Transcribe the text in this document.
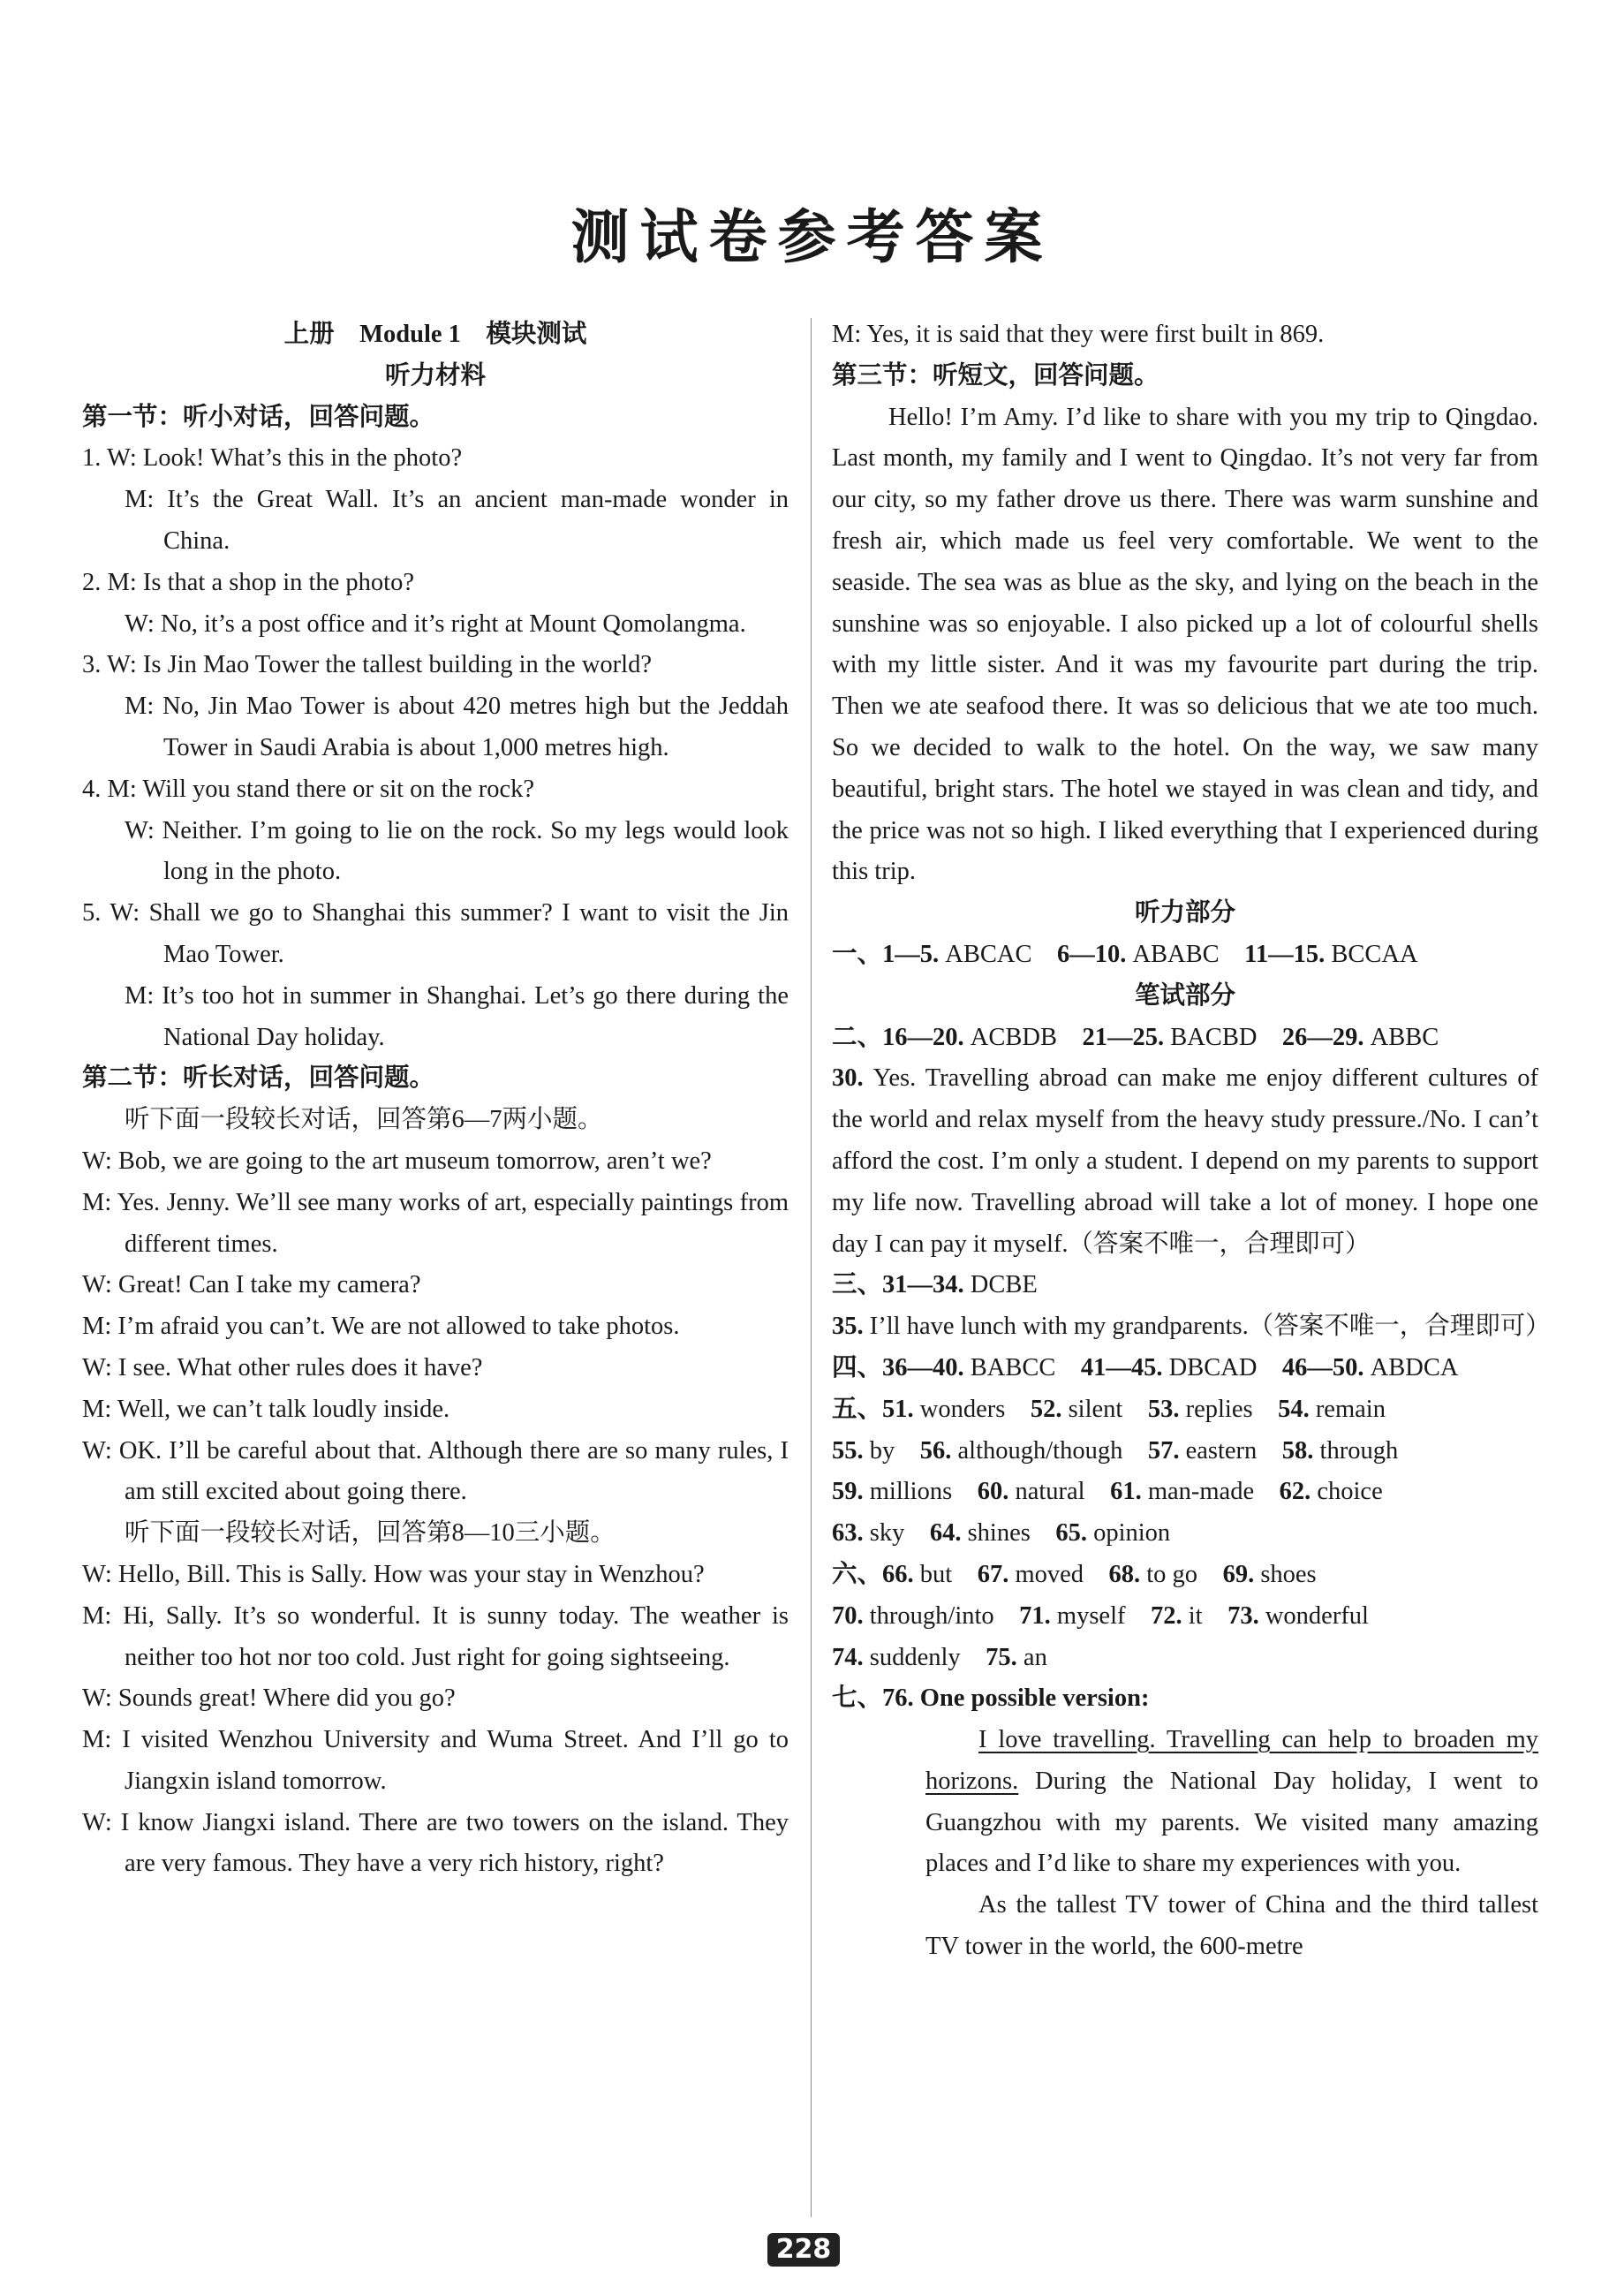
测试卷参考答案

上册　Module 1　模块测试

听力材料

第一节：听小对话，回答问题。

1. W: Look! What’s this in the photo?

M: It’s the Great Wall. It’s an ancient man-made wonder in China.

2. M: Is that a shop in the photo?

W: No, it’s a post office and it’s right at Mount Qomolangma.

3. W: Is Jin Mao Tower the tallest building in the world?

M: No, Jin Mao Tower is about 420 metres high but the Jeddah Tower in Saudi Arabia is about 1,000 metres high.

4. M: Will you stand there or sit on the rock?

W: Neither. I’m going to lie on the rock. So my legs would look long in the photo.

5. W: Shall we go to Shanghai this summer? I want to visit the Jin Mao Tower.

M: It’s too hot in summer in Shanghai. Let’s go there during the National Day holiday.

第二节：听长对话，回答问题。

听下面一段较长对话，回答第6—7两小题。

W: Bob, we are going to the art museum tomorrow, aren’t we?

M: Yes. Jenny. We’ll see many works of art, especially paintings from different times.

W: Great! Can I take my camera?

M: I’m afraid you can’t. We are not allowed to take photos.

W: I see. What other rules does it have?

M: Well, we can’t talk loudly inside.

W: OK. I’ll be careful about that. Although there are so many rules, I am still excited about going there.

听下面一段较长对话，回答第8—10三小题。

W: Hello, Bill. This is Sally. How was your stay in Wenzhou?

M: Hi, Sally. It’s so wonderful. It is sunny today. The weather is neither too hot nor too cold. Just right for going sightseeing.

W: Sounds great! Where did you go?

M: I visited Wenzhou University and Wuma Street. And I’ll go to Jiangxin island tomorrow.

W: I know Jiangxi island. There are two towers on the island. They are very famous. They have a very rich history, right?

M: Yes, it is said that they were first built in 869.

第三节：听短文，回答问题。

Hello! I’m Amy. I’d like to share with you my trip to Qingdao. Last month, my family and I went to Qingdao. It’s not very far from our city, so my father drove us there. There was warm sunshine and fresh air, which made us feel very comfortable. We went to the seaside. The sea was as blue as the sky, and lying on the beach in the sunshine was so enjoyable. I also picked up a lot of colourful shells with my little sister. And it was my favourite part during the trip. Then we ate seafood there. It was so delicious that we ate too much. So we decided to walk to the hotel. On the way, we saw many beautiful, bright stars. The hotel we stayed in was clean and tidy, and the price was not so high. I liked everything that I experienced during this trip.

听力部分

一、1—5. ABCAC 6—10. ABABC 11—15. BCCAA

笔试部分

二、16—20. ACBDB 21—25. BACBD 26—29. ABBC

30. Yes. Travelling abroad can make me enjoy different cultures of the world and relax myself from the heavy study pressure./No. I can’t afford the cost. I’m only a student. I depend on my parents to support my life now. Travelling abroad will take a lot of money. I hope one day I can pay it myself.（答案不唯一，合理即可）

三、31—34. DCBE

35. I’ll have lunch with my grandparents.（答案不唯一，合理即可）

四、36—40. BABCC 41—45. DBCAD 46—50. ABDCA

五、51. wonders 52. silent 53. replies 54. remain

55. by 56. although/though 57. eastern 58. through

59. millions 60. natural 61. man-made 62. choice

63. sky 64. shines 65. opinion

六、66. but 67. moved 68. to go 69. shoes

70. through/into 71. myself 72. it 73. wonderful

74. suddenly 75. an

七、76. One possible version:

I love travelling. Travelling can help to broaden my horizons. During the National Day holiday, I went to Guangzhou with my parents. We visited many amazing places and I’d like to share my experiences with you.

As the tallest TV tower of China and the third tallest TV tower in the world, the 600-metre

228
